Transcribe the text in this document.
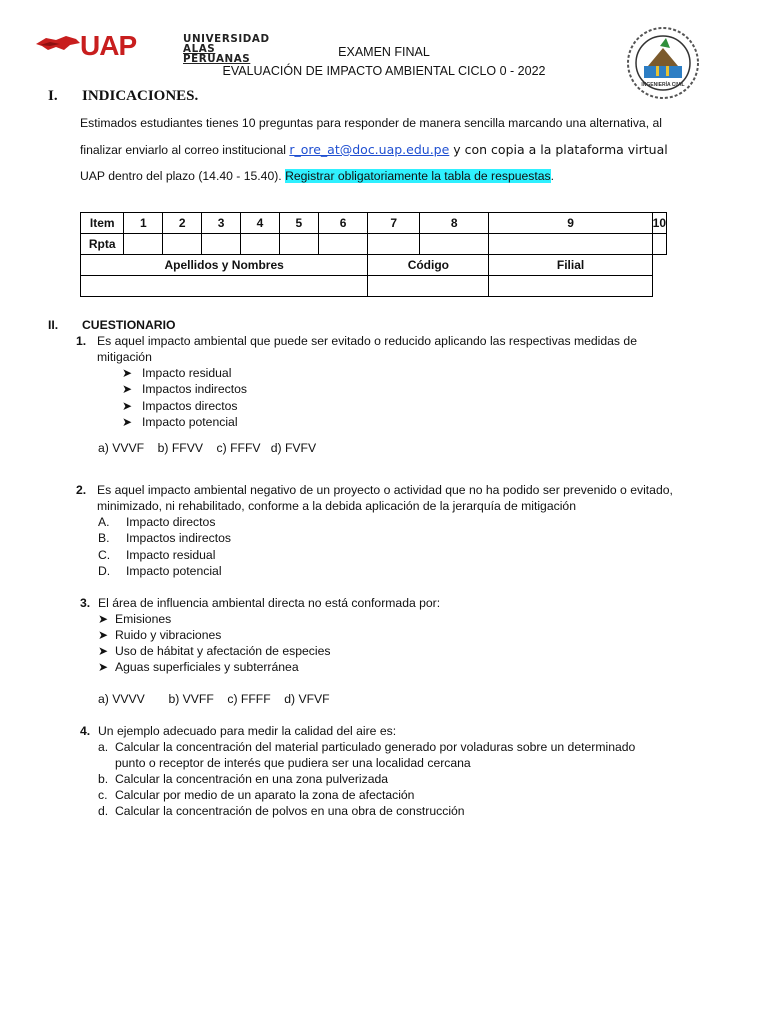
UAP	UNIVERSIDAD
ALAS PERUANAS
INGENIERÍA CIVIL
EXAMEN FINAL
EVALUACIÓN DE IMPACTO AMBIENTAL CICLO 0 - 2022
I. INDICACIONES.
Estimados estudiantes tienes 10 preguntas para responder de manera sencilla marcando una alternativa, al
finalizar enviarlo al correo institucional r_ore_at@doc.uap.edu.pe y con copia a la plataforma virtual
UAP dentro del plazo (14.40 - 15.40). Registrar obligatoriamente la tabla de respuestas.
Item	1	2	3	4	5	6	7	8	9	10
Rpta										
Apellidos y Nombres							Código		Filial	

II. CUESTIONARIO
1. Es aquel impacto ambiental que puede ser evitado o reducido aplicando las respectivas medidas de
mitigación
➤ Impacto residual
➤ Impactos indirectos
➤ Impactos directos
➤ Impacto potencial
a) VVVF b) FFVV c) FFFV d) FVFV
2. Es aquel impacto ambiental negativo de un proyecto o actividad que no ha podido ser prevenido o evitado,
minimizado, ni rehabilitado, conforme a la debida aplicación de la jerarquía de mitigación
A. Impacto directos
B. Impactos indirectos
C. Impacto residual
D. Impacto potencial
3. El área de influencia ambiental directa no está conformada por:
➤ Emisiones
➤ Ruido y vibraciones
➤ Uso de hábitat y afectación de especies
➤ Aguas superficiales y subterránea
a) VVVV b) VVFF c) FFFF d) VFVF
4. Un ejemplo adecuado para medir la calidad del aire es:
a. Calcular la concentración del material particulado generado por voladuras sobre un determinado
punto o receptor de interés que pudiera ser una localidad cercana
b. Calcular la concentración en una zona pulverizada
c. Calcular por medio de un aparato la zona de afectación
d. Calcular la concentración de polvos en una obra de construcción
